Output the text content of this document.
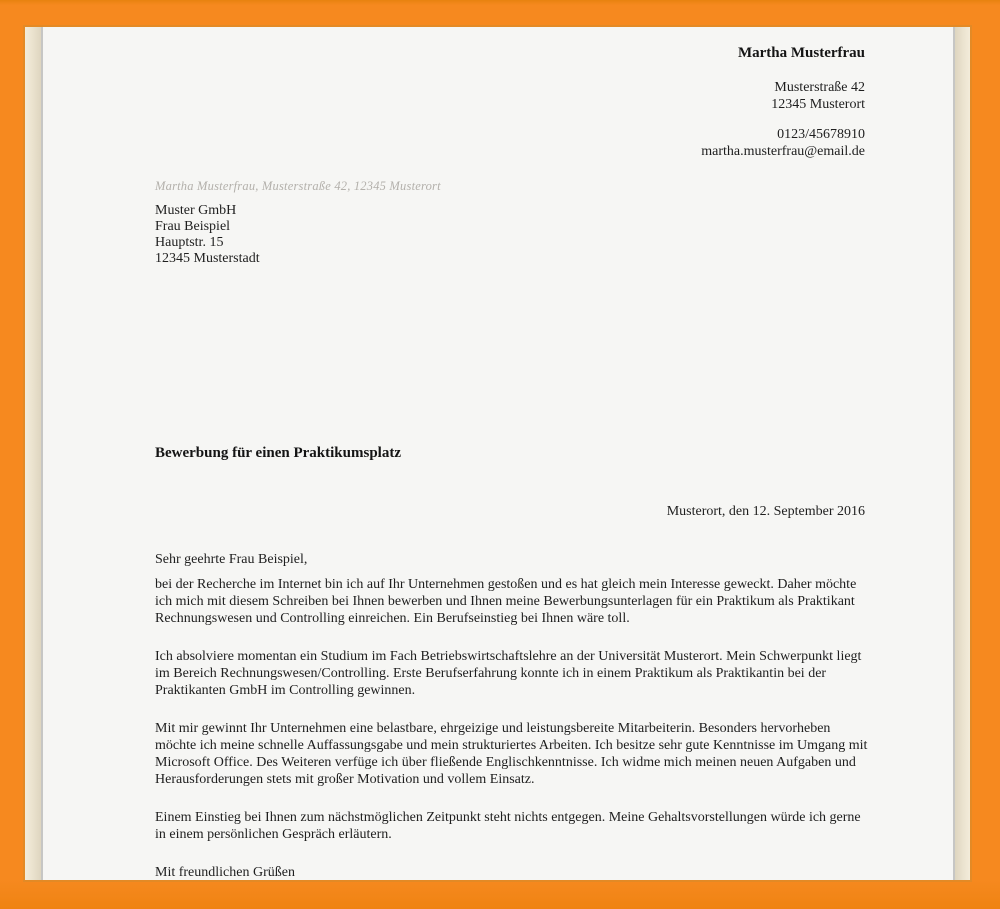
Martha Musterfrau
Musterstraße 42
12345 Musterort
0123/45678910
martha.musterfrau@email.de
Martha Musterfrau, Musterstraße 42, 12345 Musterort
Muster GmbH
Frau Beispiel
Hauptstr. 15
12345 Musterstadt
Bewerbung für einen Praktikumsplatz
Musterort, den 12. September 2016

Sehr geehrte Frau Beispiel,

bei der Recherche im Internet bin ich auf Ihr Unternehmen gestoßen und es hat gleich mein Interesse geweckt. Daher möchte ich mich mit diesem Schreiben bei Ihnen bewerben und Ihnen meine Bewerbungsunterlagen für ein Praktikum als Praktikant Rechnungswesen und Controlling einreichen. Ein Berufseinstieg bei Ihnen wäre toll.

Ich absolviere momentan ein Studium im Fach Betriebswirtschaftslehre an der Universität Musterort. Mein Schwerpunkt liegt im Bereich Rechnungswesen/Controlling. Erste Berufserfahrung konnte ich in einem Praktikum als Praktikantin bei der Praktikanten GmbH im Controlling gewinnen.

Mit mir gewinnt Ihr Unternehmen eine belastbare, ehrgeizige und leistungsbereite Mitarbeiterin. Besonders hervorheben möchte ich meine schnelle Auffassungsgabe und mein strukturiertes Arbeiten. Ich besitze sehr gute Kenntnisse im Umgang mit Microsoft Office. Des Weiteren verfüge ich über fließende Englischkenntnisse. Ich widme mich meinen neuen Aufgaben und Herausforderungen stets mit großer Motivation und vollem Einsatz.

Einem Einstieg bei Ihnen zum nächstmöglichen Zeitpunkt steht nichts entgegen. Meine Gehaltsvorstellungen würde ich gerne in einem persönlichen Gespräch erläutern.

Mit freundlichen Grüßen
